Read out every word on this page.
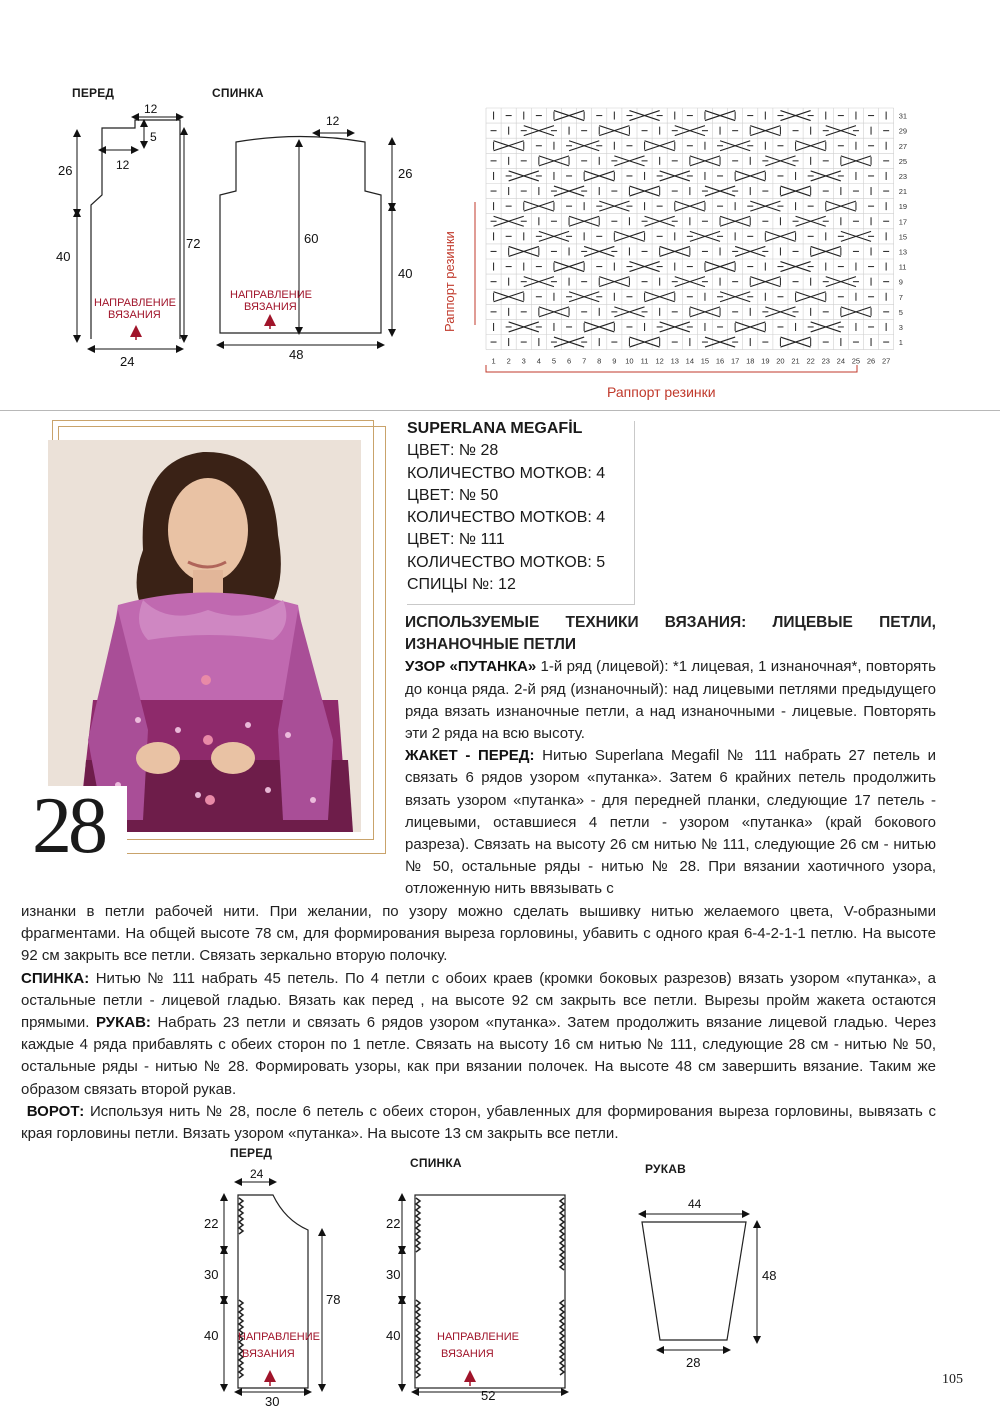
ПЕРЕД	СПИНКА
12
5
12
26
40
72
24
НАПРАВЛЕНИЕ
ВЯЗАНИЯ
12
60
26
40
48
НАПРАВЛЕНИЕ
ВЯЗАНИЯ
31
29
27
25
23
21
19
17
15
13
11
9
7
5
3
1
1 2 3 4 5 6 7 8 9 10 11 12 13 14 15 16 17 18 19 20 21 22 23 24 25 26 27
Раппорт резинки
Раппорт резинки
28
SUPERLANA MEGAFİL
ЦВЕТ: № 28
КОЛИЧЕСТВО МОТКОВ: 4
ЦВЕТ: № 50
КОЛИЧЕСТВО МОТКОВ: 4
ЦВЕТ: № 111
КОЛИЧЕСТВО МОТКОВ: 5
СПИЦЫ №: 12
ИСПОЛЬЗУЕМЫЕ ТЕХНИКИ ВЯЗАНИЯ: ЛИЦЕВЫЕ ПЕТЛИ, ИЗНАНОЧНЫЕ ПЕТЛИ
УЗОР «ПУТАНКА» 1-й ряд (лицевой): *1 лицевая, 1 изнаночная*, повторять до конца ряда. 2-й ряд (изнаночный): над лицевыми петлями предыдущего ряда вязать изнаночные петли, а над изнаночными - лицевые. Повторять эти 2 ряда на всю высоту.
ЖАКЕТ - ПЕРЕД: Нитью Superlana Megafil № 111 набрать 27 петель и связать 6 рядов узором «путанка». Затем 6 крайних петель продолжить вязать узором «путанка» - для передней планки, следующие 17 петель - лицевыми, оставшиеся 4 петли - узором «путанка» (край бокового разреза). Связать на высоту 26 см нитью № 111, следующие 26 см - нитью № 50, остальные ряды - нитью № 28. При вязании хаотичного узора, отложенную нить ввязывать с
изнанки в петли рабочей нити. При желании, по узору можно сделать вышивку нитью желаемого цвета, V-образными фрагментами. На общей высоте 78 см, для формирования выреза горловины, убавить с одного края 6-4-2-1-1 петлю. На высоте 92 см закрыть все петли. Связать зеркально вторую полочку.
СПИНКА: Нитью № 111 набрать 45 петель. По 4 петли с обоих краев (кромки боковых разрезов) вязать узором «путанка», а остальные петли - лицевой гладью. Вязать как перед , на высоте 92 см закрыть все петли. Вырезы пройм жакета остаются прямыми. РУКАВ: Набрать 23 петли и связать 6 рядов узором «путанка». Затем продолжить вязание лицевой гладью. Через каждые 4 ряда прибавлять с обеих сторон по 1 петле. Связать на высоту 16 см нитью № 111, следующие 28 см - нитью № 50, остальные ряды - нитью № 28. Формировать узоры, как при вязании полочек. На высоте 48 см завершить вязание. Таким же образом связать второй рукав.
ВОРОТ: Используя нить № 28, после 6 петель с обеих сторон, убавленных для формирования выреза горловины, вывязать с края горловины петли. Вязать узором «путанка». На высоте 13 см закрыть все петли.
ПЕРЕД
СПИНКА	РУКАВ
24
22
30
40
78
30
НАПРАВЛЕНИЕ
ВЯЗАНИЯ
22
30
40
52
НАПРАВЛЕНИЕ
ВЯЗАНИЯ
44
48
28
105
